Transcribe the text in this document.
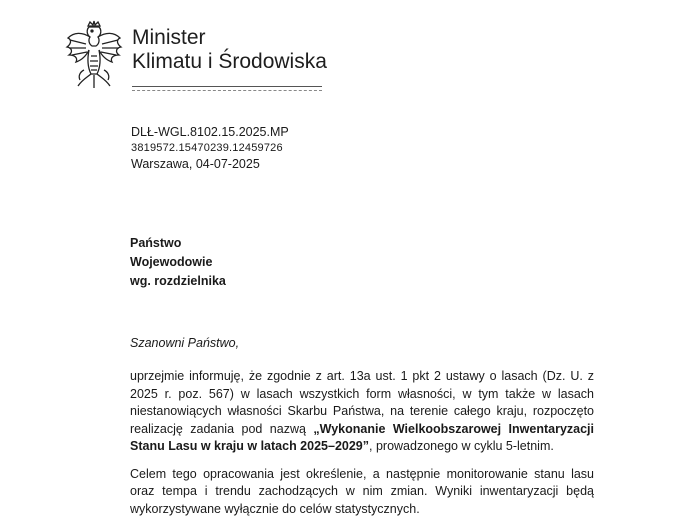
Minister
Klimatu i Środowiska
DLŁ-WGL.8102.15.2025.MP
3819572.15470239.12459726
Warszawa, 04-07-2025
Państwo
Wojewodowie
wg. rozdzielnika
Szanowni Państwo,

uprzejmie informuję, że zgodnie z art. 13a ust. 1 pkt 2 ustawy o lasach (Dz. U. z 2025 r. poz. 567) w lasach wszystkich form własności, w tym także w lasach niestanowiących własności Skarbu Państwa, na terenie całego kraju, rozpoczęto realizację zadania pod nazwą „Wykonanie Wielkoobszarowej Inwentaryzacji Stanu Lasu w kraju w latach 2025–2029”, prowadzonego w cyklu 5-letnim.

Celem tego opracowania jest określenie, a następnie monitorowanie stanu lasu oraz tempa i trendu zachodzących w nim zmian. Wyniki inwentaryzacji będą wykorzystywane wyłącznie do celów statystycznych.
